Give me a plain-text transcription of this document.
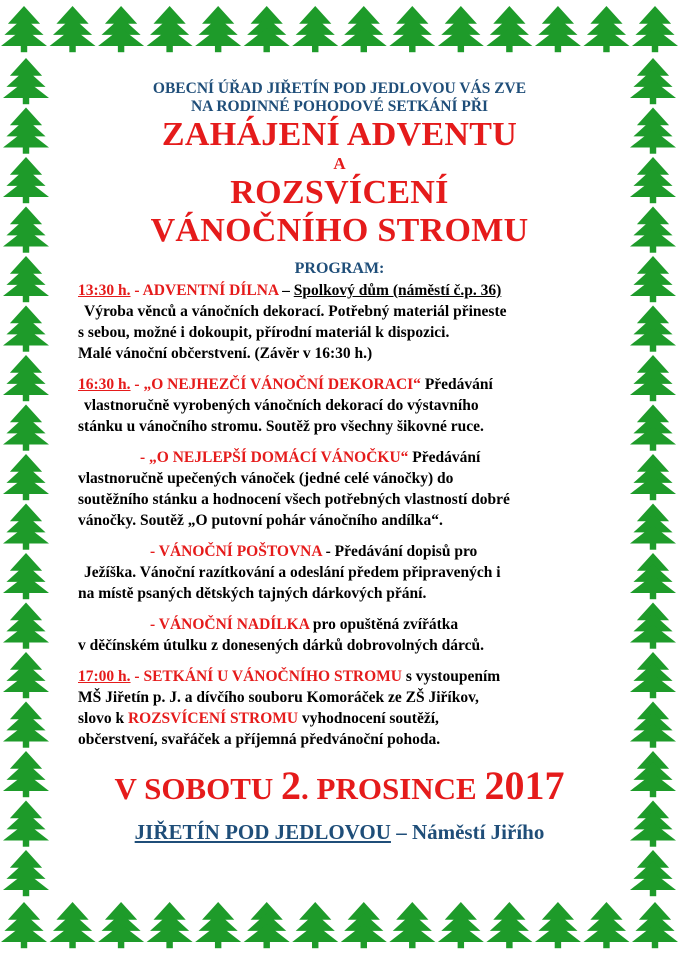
OBECNÍ ÚŘAD JIŘETÍN POD JEDLOVOU VÁS ZVE
NA RODINNÉ POHODOVÉ SETKÁNÍ PŘI
ZAHÁJENÍ ADVENTU
A
ROZSVÍCENÍ
VÁNOČNÍHO STROMU
PROGRAM:

13:30 h. - ADVENTNÍ DÍLNA – Spolkový dům (náměstí č.p. 36)

Výroba věnců a vánočních dekorací. Potřebný materiál přineste

s sebou, možné i dokoupit, přírodní materiál k dispozici.

Malé vánoční občerstvení. (Závěr v 16:30 h.)

16:30 h. - „O NEJHEZČÍ VÁNOČNÍ DEKORACI“ Předávání

vlastnoručně vyrobených vánočních dekorací do výstavního

stánku u vánočního stromu. Soutěž pro všechny šikovné ruce.

- „O NEJLEPŠÍ DOMÁCÍ VÁNOČKU“ Předávání

vlastnoručně upečených vánoček (jedné celé vánočky) do

soutěžního stánku a hodnocení všech potřebných vlastností dobré

vánočky. Soutěž „O putovní pohár vánočního andílka“.

- VÁNOČNÍ POŠTOVNA - Předávání dopisů pro

Ježíška. Vánoční razítkování a odeslání předem připravených i

na místě psaných dětských tajných dárkových přání.

- VÁNOČNÍ NADÍLKA pro opuštěná zvířátka

v děčínském útulku z donesených dárků dobrovolných dárců.

17:00 h. - SETKÁNÍ U VÁNOČNÍHO STROMU s vystoupením

MŠ Jiřetín p. J. a dívčího souboru Komoráček ze ZŠ Jiříkov,

slovo k ROZSVÍCENÍ STROMU vyhodnocení soutěží,

občerstvení, svařáček a příjemná předvánoční pohoda.

V SOBOTU 2. PROSINCE 2017
JIŘETÍN POD JEDLOVOU – Náměstí Jiřího
